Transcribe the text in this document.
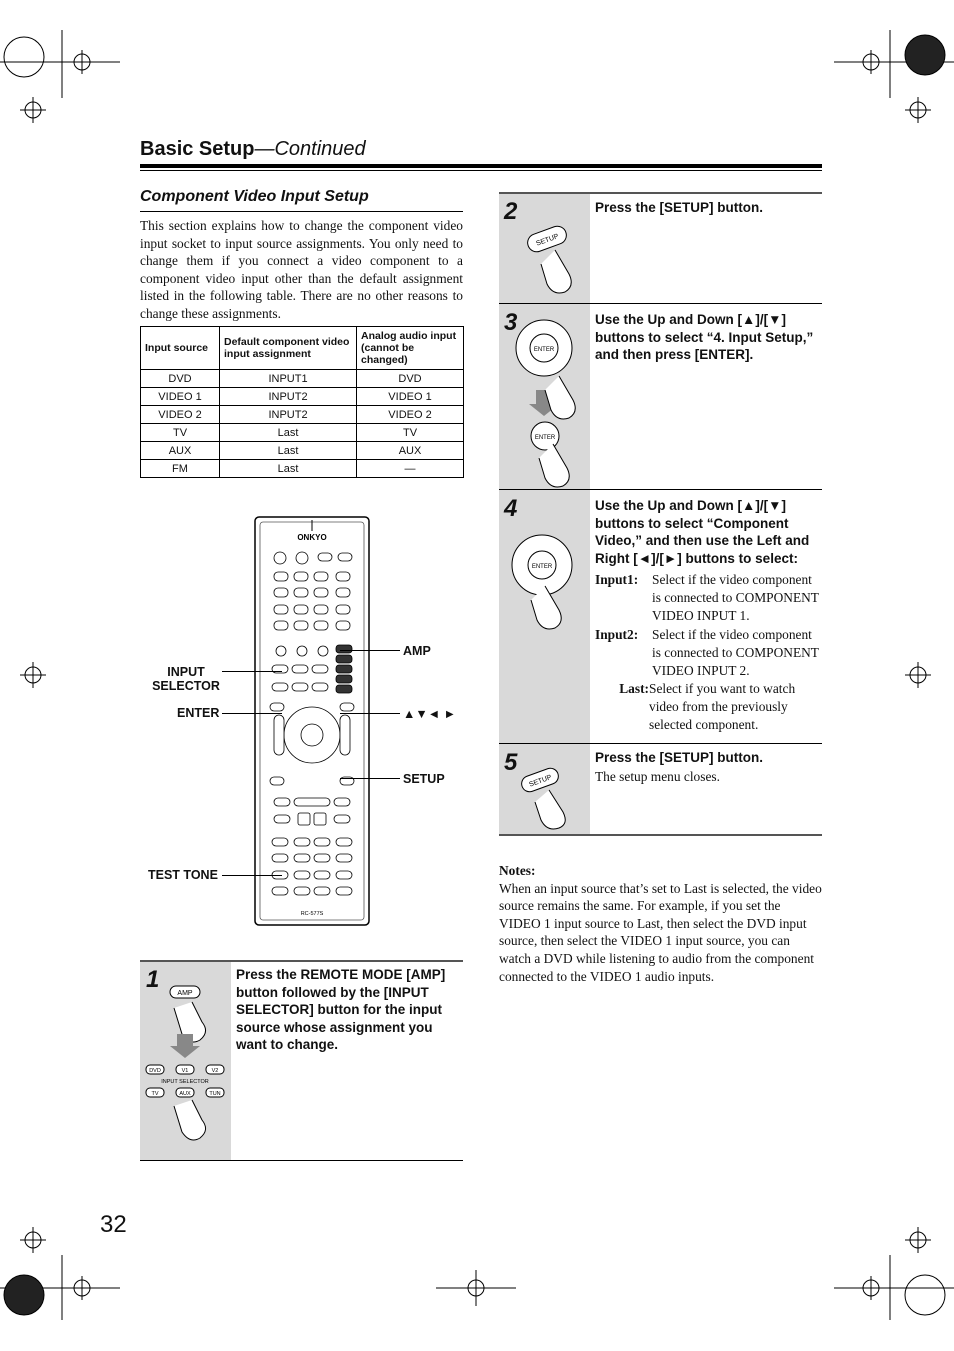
Basic Setup—Continued
Component Video Input Setup
This section explains how to change the component video input socket to input source assignments. You only need to change them if you connect a video component to a component video input other than the default assignment listed in the following table. There are no other reasons to change these assignments.
Input source	Default component video input assignment	Analog audio input (cannot be changed)
DVD	INPUT1	DVD
VIDEO 1	INPUT2	VIDEO 1
VIDEO 2	INPUT2	VIDEO 2
TV	Last	TV
AUX	Last	AUX
FM	Last	—
ONKYO
RC-577S
INPUT SELECTOR
ENTER
TEST TONE
AMP
▲▼◄ ►
SETUP
AMP
DVD	V1	V2
INPUT SELECTOR
TV	AUX	TUN
1	Press the REMOTE MODE [AMP] button followed by the [INPUT SELECTOR] button for the input source whose assignment you want to change.
SETUP
2	Press the [SETUP] button.
ENTER
ENTER
3	Use the Up and Down [▲]/[▼] buttons to select “4. Input Setup,” and then press [ENTER].
ENTER
4	Use the Up and Down [▲]/[▼] buttons to select “Component Video,” and then use the Left and Right [◄]/[►] buttons to select:
Input1:	Select if the video component is connected to COMPONENT VIDEO INPUT 1.
Input2:	Select if the video component is connected to COMPONENT VIDEO INPUT 2.
Last: Select if you want to watch video from the previously selected component.
SETUP
5	Press the [SETUP] button.
The setup menu closes.
Notes:
When an input source that’s set to Last is selected, the video source remains the same. For example, if you set the VIDEO 1 input source to Last, then select the DVD input source, then select the VIDEO 1 input source, you can watch a DVD while listening to audio from the component connected to the VIDEO 1 audio inputs.
32
